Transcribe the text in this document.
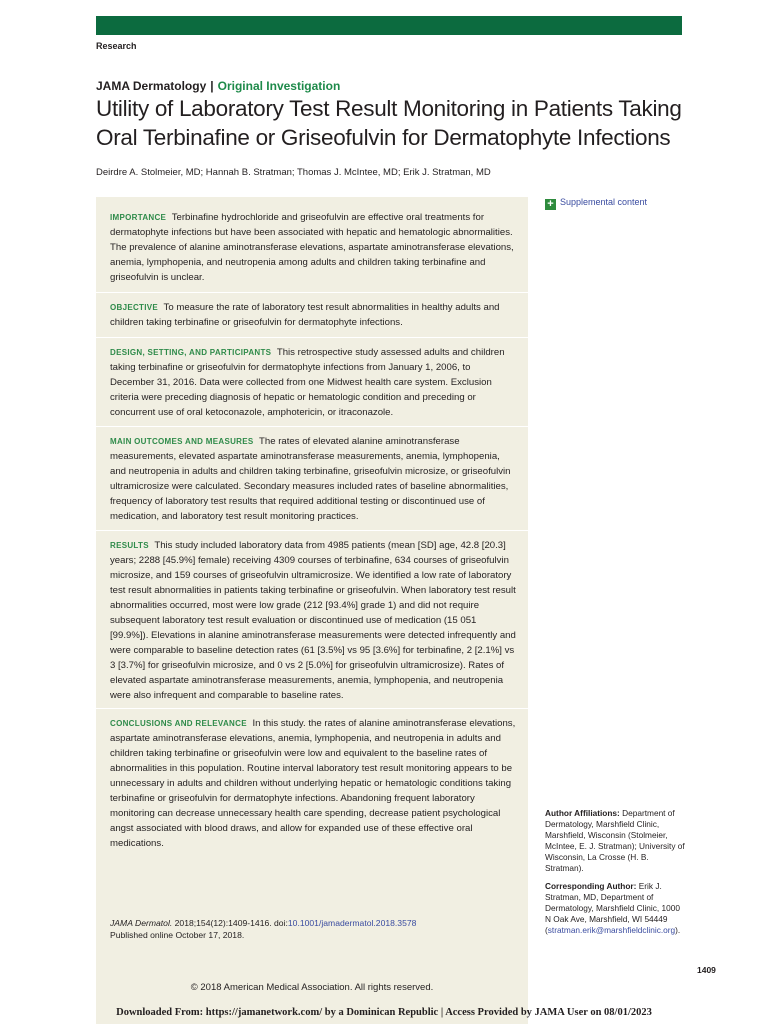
Research
JAMA Dermatology | Original Investigation
Utility of Laboratory Test Result Monitoring in Patients Taking Oral Terbinafine or Griseofulvin for Dermatophyte Infections
Deirdre A. Stolmeier, MD; Hannah B. Stratman; Thomas J. McIntee, MD; Erik J. Stratman, MD
IMPORTANCE Terbinafine hydrochloride and griseofulvin are effective oral treatments for dermatophyte infections but have been associated with hepatic and hematologic abnormalities. The prevalence of alanine aminotransferase elevations, aspartate aminotransferase elevations, anemia, lymphopenia, and neutropenia among adults and children taking terbinafine and griseofulvin is unclear.
OBJECTIVE To measure the rate of laboratory test result abnormalities in healthy adults and children taking terbinafine or griseofulvin for dermatophyte infections.
DESIGN, SETTING, AND PARTICIPANTS This retrospective study assessed adults and children taking terbinafine or griseofulvin for dermatophyte infections from January 1, 2006, to December 31, 2016. Data were collected from one Midwest health care system. Exclusion criteria were preceding diagnosis of hepatic or hematologic condition and preceding or concurrent use of oral ketoconazole, amphotericin, or itraconazole.
MAIN OUTCOMES AND MEASURES The rates of elevated alanine aminotransferase measurements, elevated aspartate aminotransferase measurements, anemia, lymphopenia, and neutropenia in adults and children taking terbinafine, griseofulvin microsize, or griseofulvin ultramicrosize were calculated. Secondary measures included rates of baseline abnormalities, frequency of laboratory test results that required additional testing or discontinued use of medication, and laboratory test result monitoring practices.
RESULTS This study included laboratory data from 4985 patients (mean [SD] age, 42.8 [20.3] years; 2288 [45.9%] female) receiving 4309 courses of terbinafine, 634 courses of griseofulvin microsize, and 159 courses of griseofulvin ultramicrosize. We identified a low rate of laboratory test result abnormalities in patients taking terbinafine or griseofulvin. When laboratory test result abnormalities occurred, most were low grade (212 [93.4%] grade 1) and did not require subsequent laboratory test result evaluation or discontinued use of medication (15 051 [99.9%]). Elevations in alanine aminotransferase measurements were detected infrequently and were comparable to baseline detection rates (61 [3.5%] vs 95 [3.6%] for terbinafine, 2 [2.1%] vs 3 [3.7%] for griseofulvin microsize, and 0 vs 2 [5.0%] for griseofulvin ultramicrosize). Rates of elevated aspartate aminotransferase measurements, anemia, lymphopenia, and neutropenia were also infrequent and comparable to baseline rates.
CONCLUSIONS AND RELEVANCE In this study. the rates of alanine aminotransferase elevations, aspartate aminotransferase elevations, anemia, lymphopenia, and neutropenia in adults and children taking terbinafine or griseofulvin were low and equivalent to the baseline rates of abnormalities in this population. Routine interval laboratory test result monitoring appears to be unnecessary in adults and children without underlying hepatic or hematologic conditions taking terbinafine or griseofulvin for dermatophyte infections. Abandoning frequent laboratory monitoring can decrease unnecessary health care spending, decrease patient psychological angst associated with blood draws, and allow for expanded use of these effective oral medications.
JAMA Dermatol. 2018;154(12):1409-1416. doi:10.1001/jamadermatol.2018.3578
Published online October 17, 2018.
© 2018 American Medical Association. All rights reserved.
+ Supplemental content
Author Affiliations: Department of Dermatology, Marshfield Clinic, Marshfield, Wisconsin (Stolmeier, McIntee, E. J. Stratman); University of Wisconsin, La Crosse (H. B. Stratman).
Corresponding Author: Erik J. Stratman, MD, Department of Dermatology, Marshfield Clinic, 1000 N Oak Ave, Marshfield, WI 54449 (stratman.erik@marshfieldclinic.org).
1409
Downloaded From: https://jamanetwork.com/ by a Dominican Republic | Access Provided by JAMA User on 08/01/2023
